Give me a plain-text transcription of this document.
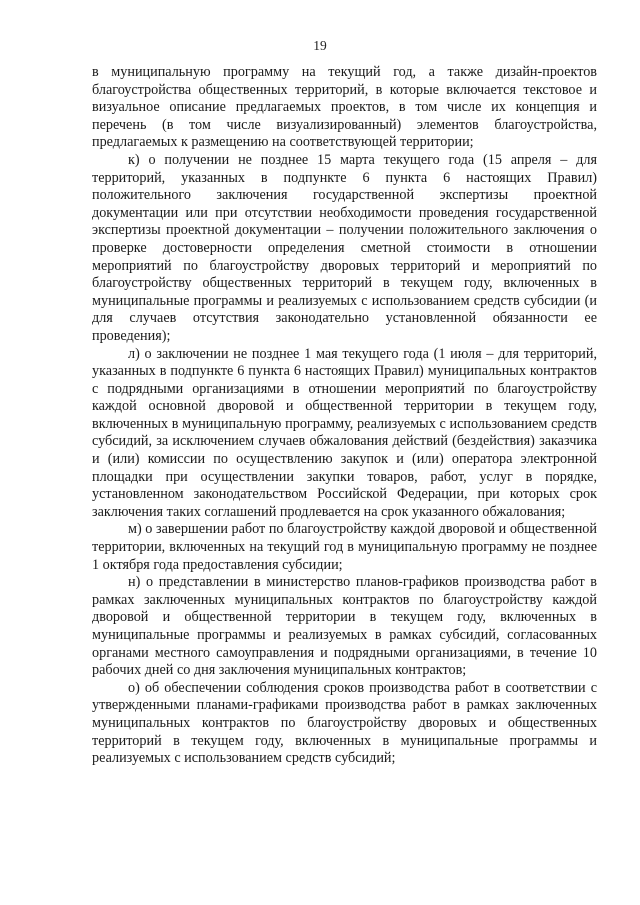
19

в муниципальную программу на текущий год, а также дизайн-проектов благоустройства общественных территорий, в которые включается текстовое и визуальное описание предлагаемых проектов, в том числе их концепция и перечень (в том числе визуализированный) элементов благоустройства, предлагаемых к размещению на соответствующей территории;

к) о получении не позднее 15 марта текущего года (15 апреля – для территорий, указанных в подпункте 6 пункта 6 настоящих Правил) положительного заключения государственной экспертизы проектной документации или при отсутствии необходимости проведения государственной экспертизы проектной документации – получении положительного заключения о проверке достоверности определения сметной стоимости в отношении мероприятий по благоустройству дворовых территорий и мероприятий по благоустройству общественных территорий в текущем году, включенных в муниципальные программы и реализуемых с использованием средств субсидии (и для случаев отсутствия законодательно установленной обязанности ее проведения);

л) о заключении не позднее 1 мая текущего года (1 июля – для территорий, указанных в подпункте 6 пункта 6 настоящих Правил) муниципальных контрактов с подрядными организациями в отношении мероприятий по благоустройству каждой основной дворовой и общественной территории в текущем году, включенных в муниципальную программу, реализуемых с использованием средств субсидий, за исключением случаев обжалования действий (бездействия) заказчика и (или) комиссии по осуществлению закупок и (или) оператора электронной площадки при осуществлении закупки товаров, работ, услуг в порядке, установленном законодательством Российской Федерации, при которых срок заключения таких соглашений продлевается на срок указанного обжалования;

м) о завершении работ по благоустройству каждой дворовой и общественной территории, включенных на текущий год в муниципальную программу не позднее 1 октября года предоставления субсидии;

н) о представлении в министерство планов-графиков производства работ в рамках заключенных муниципальных контрактов по благоустройству каждой дворовой и общественной территории в текущем году, включенных в муниципальные программы и реализуемых в рамках субсидий, согласованных органами местного самоуправления и подрядными организациями, в течение 10 рабочих дней со дня заключения муниципальных контрактов;

о) об обеспечении соблюдения сроков производства работ в соответствии с утвержденными планами-графиками производства работ в рамках заключенных муниципальных контрактов по благоустройству дворовых и общественных территорий в текущем году, включенных в муниципальные программы и реализуемых с использованием средств субсидий;
